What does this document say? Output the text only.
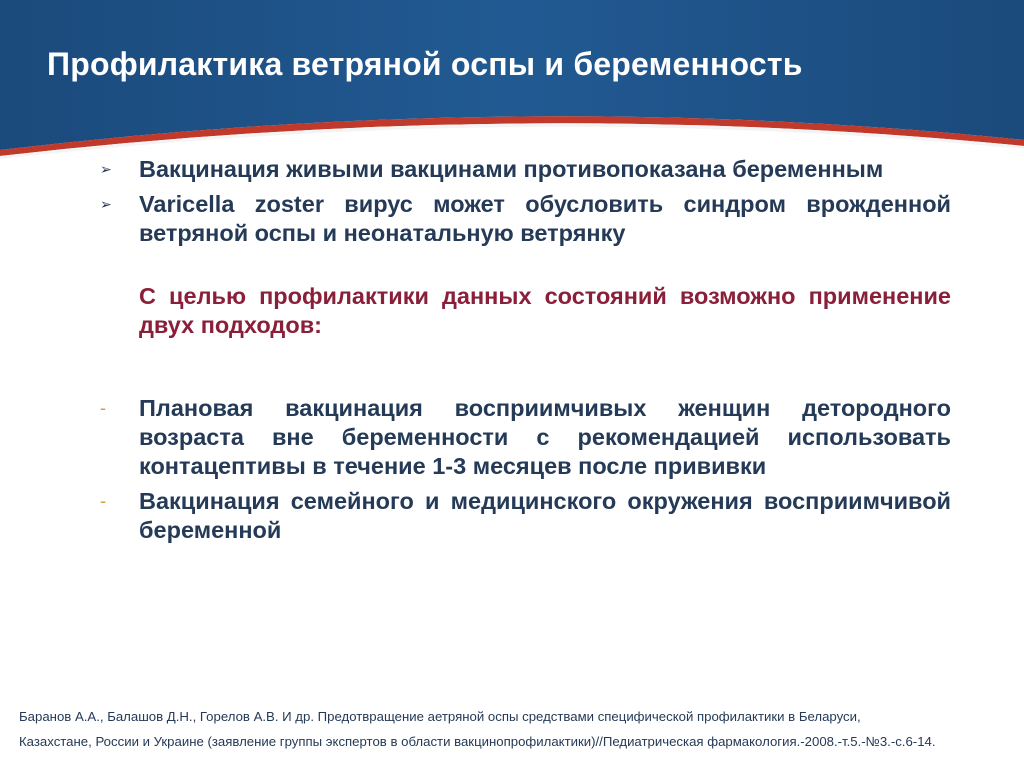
Профилактика ветряной оспы и беременность
➢ Вакцинация живыми вакцинами противопоказана беременным
➢ Varicella zoster вирус может обусловить синдром врожденной ветряной оспы и неонатальную ветрянку
С целью профилактики данных состояний возможно применение двух подходов:
- Плановая вакцинация восприимчивых женщин детородного возраста вне беременности с рекомендацией использовать контацептивы в течение 1-3 месяцев после прививки
- Вакцинация семейного и медицинского окружения восприимчивой беременной

Баранов А.А., Балашов Д.Н., Горелов А.В. И др. Предотвращение аетряной оспы средствами специфической профилактики в Беларуси,

Казахстане, России и Украине (заявление группы экспертов в области вакцинопрофилактики)//Педиатрическая фармакология.-2008.-т.5.-№3.-с.6-14.
